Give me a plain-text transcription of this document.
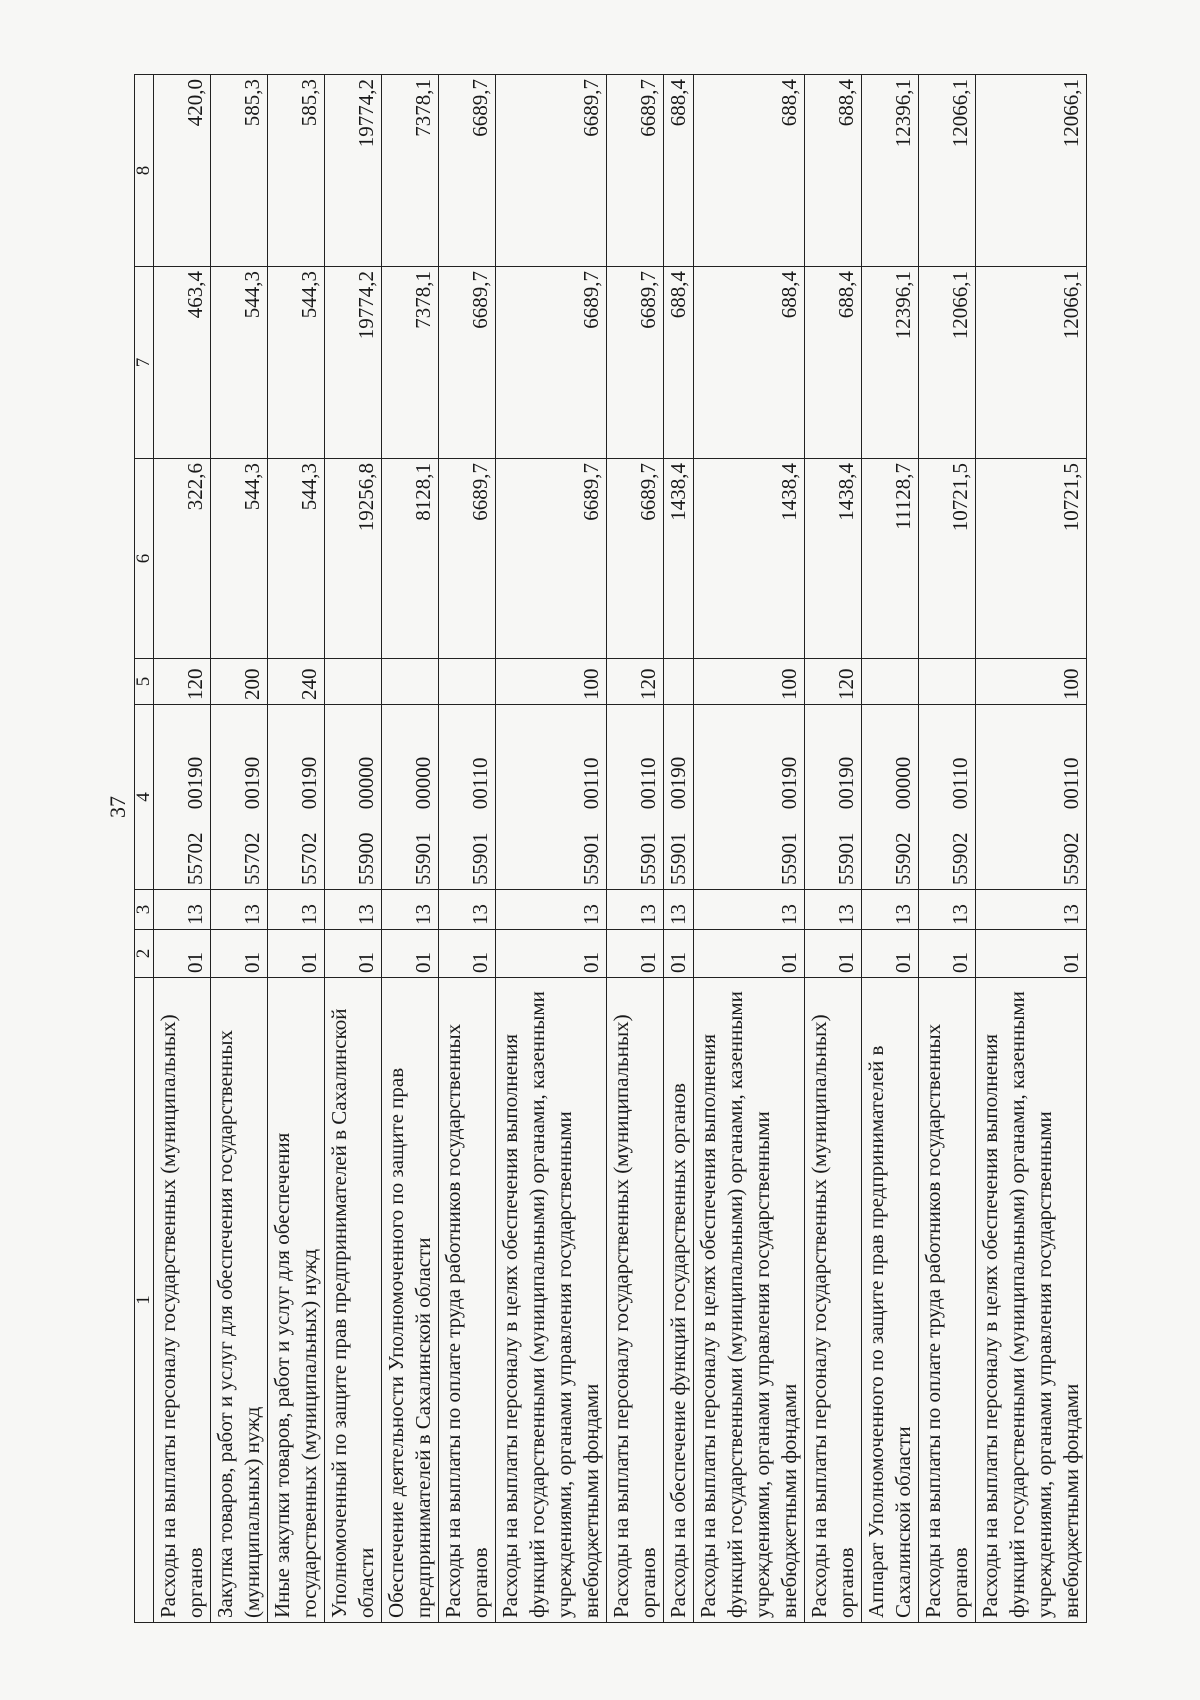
37
1	2	3	4	5	6	7	8
Расходы на выплаты персоналу государственных (муниципальных) органов	01	13	55702 00190	120	322,6	463,4	420,0
Закупка товаров, работ и услуг для обеспечения государственных (муниципальных) нужд	01	13	55702 00190	200	544,3	544,3	585,3
Иные закупки товаров, работ и услуг для обеспечения государственных (муниципальных) нужд	01	13	55702 00190	240	544,3	544,3	585,3
Уполномоченный по защите прав предпринимателей в Сахалинской области	01	13	55900 00000		19256,8	19774,2	19774,2
Обеспечение деятельности Уполномоченного по защите прав предпринимателей в Сахалинской области	01	13	55901 00000		8128,1	7378,1	7378,1
Расходы на выплаты по оплате труда работников государственных органов	01	13	55901 00110		6689,7	6689,7	6689,7
Расходы на выплаты персоналу в целях обеспечения выполнения функций государственными (муниципальными) органами, казенными учреждениями, органами управления государственными внебюджетными фондами	01	13	55901 00110	100	6689,7	6689,7	6689,7
Расходы на выплаты персоналу государственных (муниципальных) органов	01	13	55901 00110	120	6689,7	6689,7	6689,7
Расходы на обеспечение функций государственных органов	01	13	55901 00190		1438,4	688,4	688,4
Расходы на выплаты персоналу в целях обеспечения выполнения функций государственными (муниципальными) органами, казенными учреждениями, органами управления государственными внебюджетными фондами	01	13	55901 00190	100	1438,4	688,4	688,4
Расходы на выплаты персоналу государственных (муниципальных) органов	01	13	55901 00190	120	1438,4	688,4	688,4
Аппарат Уполномоченного по защите прав предпринимателей в Сахалинской области	01	13	55902 00000		11128,7	12396,1	12396,1
Расходы на выплаты по оплате труда работников государственных органов	01	13	55902 00110		10721,5	12066,1	12066,1
Расходы на выплаты персоналу в целях обеспечения выполнения функций государственными (муниципальными) органами, казенными учреждениями, органами управления государственными внебюджетными фондами	01	13	55902 00110	100	10721,5	12066,1	12066,1
